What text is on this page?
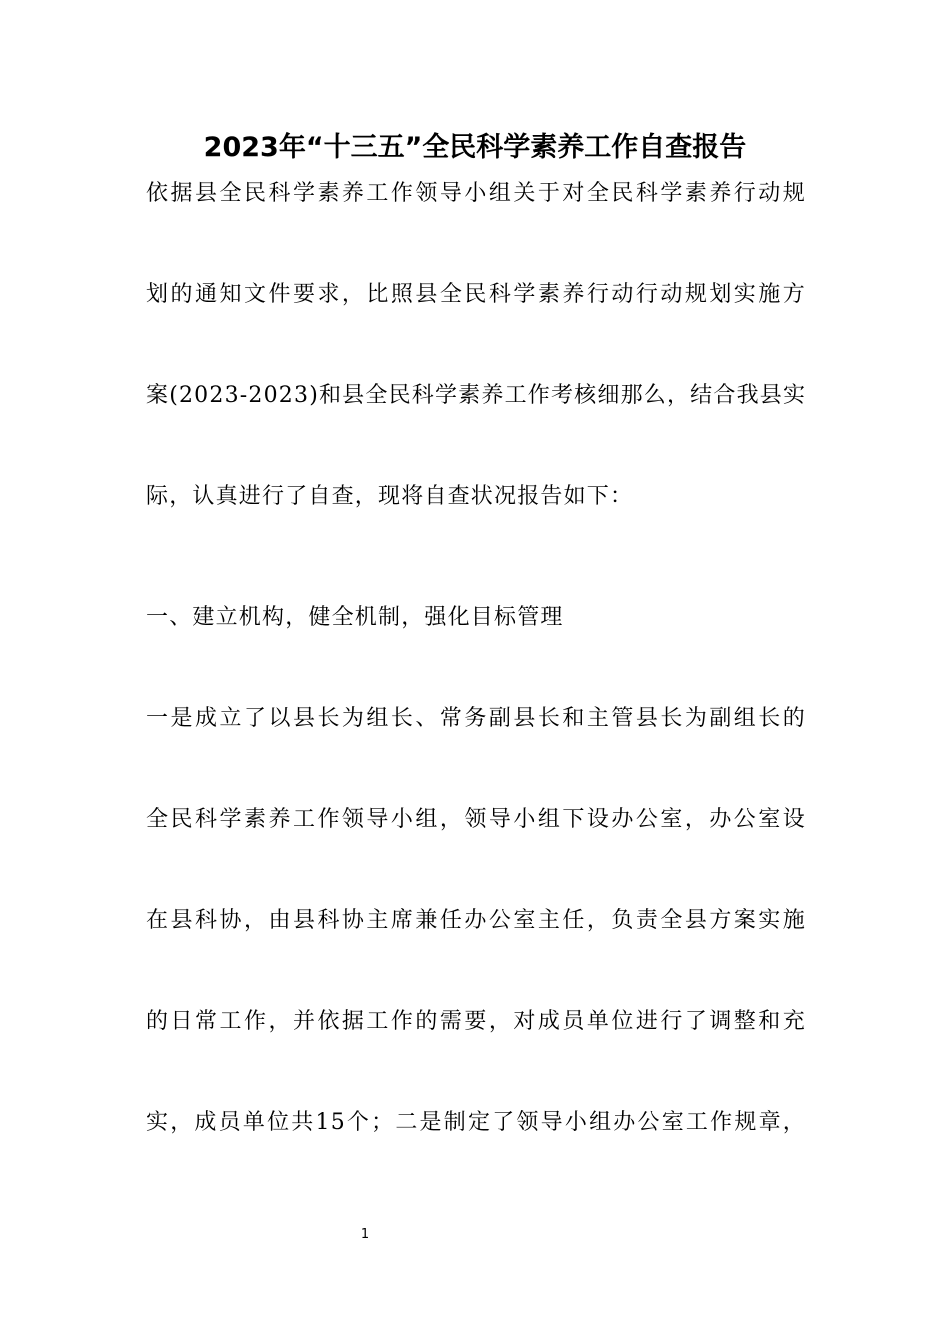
2023年“十三五”全民科学素养工作自查报告
依据县全民科学素养工作领导小组关于对全民科学素养行动规
划的通知文件要求，比照县全民科学素养行动行动规划实施方
案(2023-2023)和县全民科学素养工作考核细那么，结合我县实
际，认真进行了自查，现将自查状况报告如下：
一、建立机构，健全机制，强化目标管理
一是成立了以县长为组长、常务副县长和主管县长为副组长的
全民科学素养工作领导小组，领导小组下设办公室，办公室设
在县科协，由县科协主席兼任办公室主任，负责全县方案实施
的日常工作，并依据工作的需要，对成员单位进行了调整和充
实，成员单位共15个；二是制定了领导小组办公室工作规章，
1
